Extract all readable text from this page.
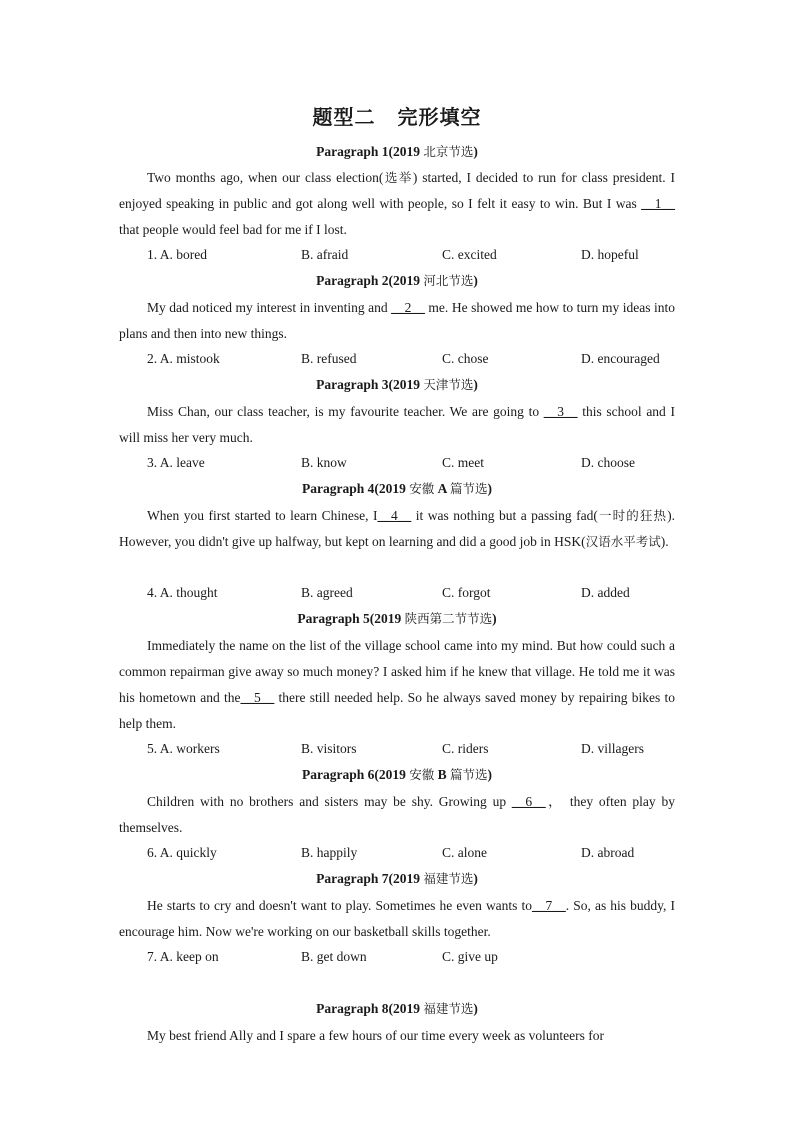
题型二 完形填空
Paragraph 1(2019 北京节选)
Two months ago, when our class election(选举) started, I decided to run for class president. I enjoyed speaking in public and got along well with people, so I felt it easy to win. But I was __1__ that people would feel bad for me if I lost.
1. A. bored	B. afraid	C. excited	D. hopeful
Paragraph 2(2019 河北节选)
My dad noticed my interest in inventing and __2__ me. He showed me how to turn my ideas into plans and then into new things.
2. A. mistook	B. refused	C. chose	D. encouraged
Paragraph 3(2019 天津节选)
Miss Chan, our class teacher, is my favourite teacher. We are going to __3__ this school and I will miss her very much.
3. A. leave	B. know	C. meet	D. choose
Paragraph 4(2019 安徽 A 篇节选)
When you first started to learn Chinese, I__4__ it was nothing but a passing fad(一时的狂热). However, you didn't give up halfway, but kept on learning and did a good job in HSK(汉语水平考试).
4. A. thought	B. agreed	C. forgot	D. added
Paragraph 5(2019 陕西第二节节选)
Immediately the name on the list of the village school came into my mind. But how could such a common repairman give away so much money? I asked him if he knew that village. He told me it was his hometown and the__5__ there still needed help. So he always saved money by repairing bikes to help them.
5. A. workers	B. visitors	C. riders	D. villagers
Paragraph 6(2019 安徽 B 篇节选)
Children with no brothers and sisters may be shy. Growing up __6__， they often play by themselves.
6. A. quickly	B. happily	C. alone	D. abroad
Paragraph 7(2019 福建节选)
He starts to cry and doesn't want to play. Sometimes he even wants to__7__. So, as his buddy, I encourage him. Now we're working on our basketball skills together.
7. A. keep on	B. get down	C. give up
Paragraph 8(2019 福建节选)
My best friend Ally and I spare a few hours of our time every week as volunteers for
